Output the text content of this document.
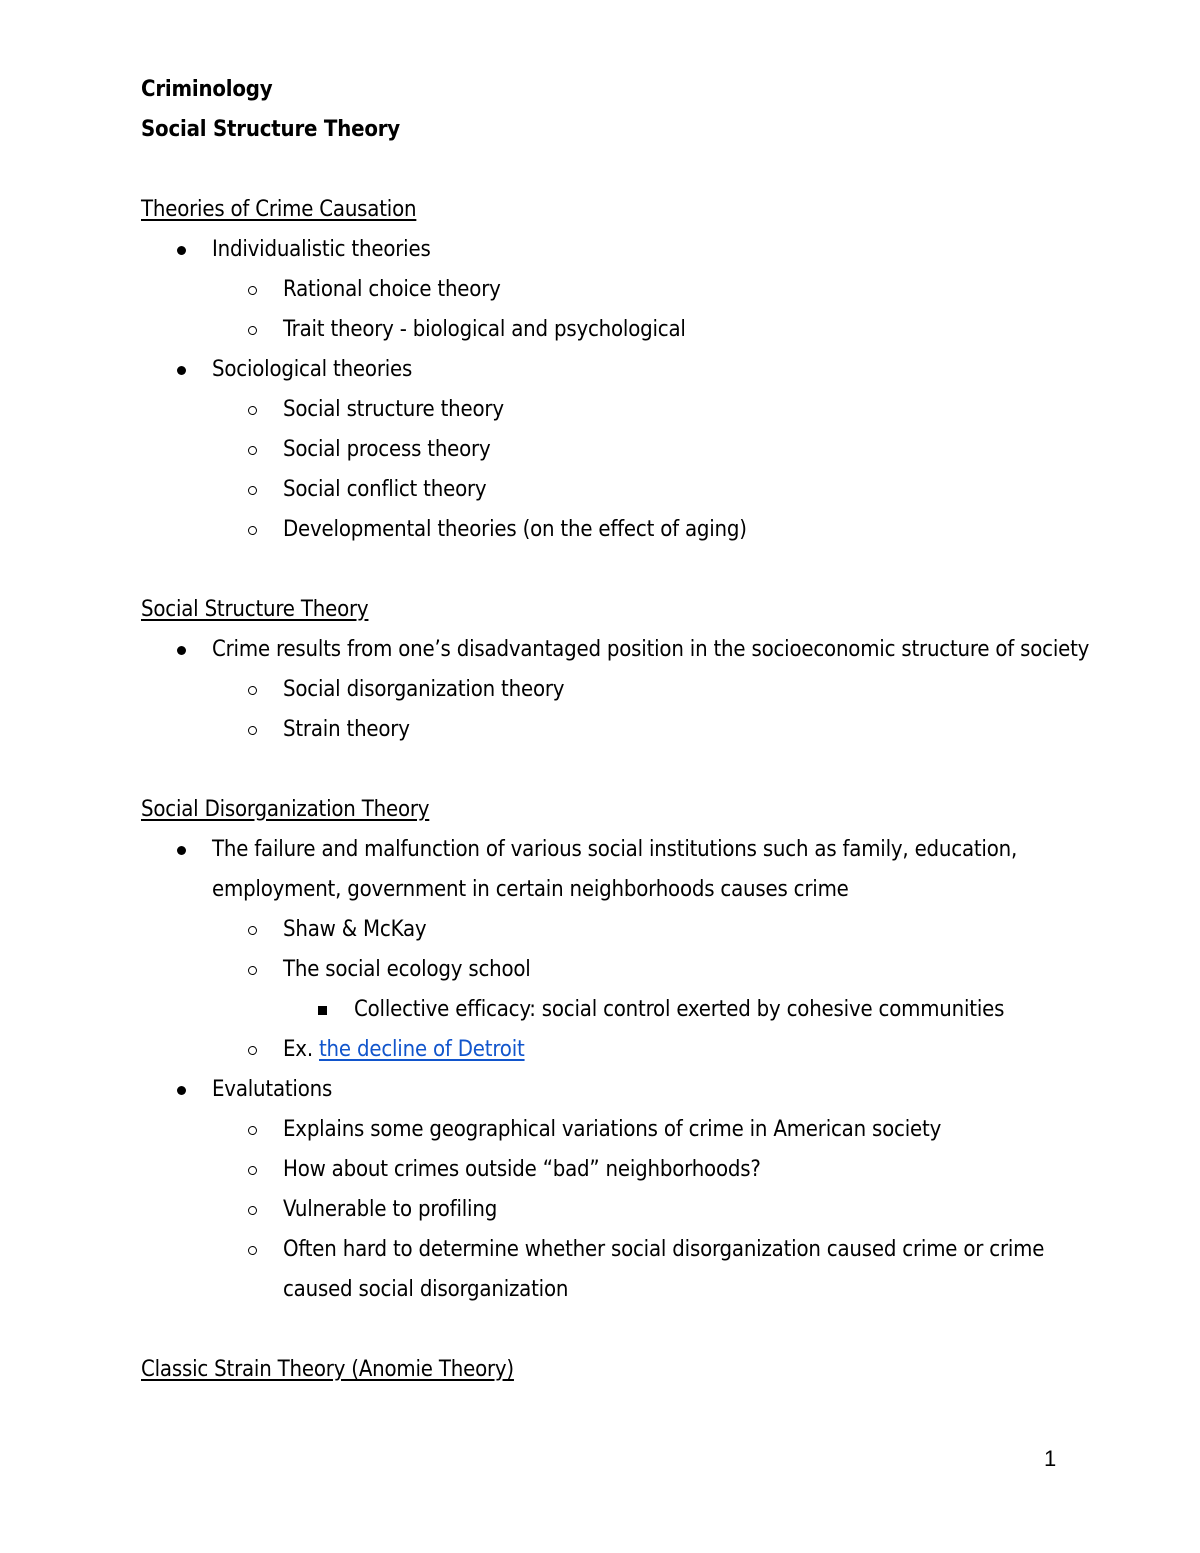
Criminology
Social Structure Theory
Theories of Crime Causation
Individualistic theories
Rational choice theory
Trait theory - biological and psychological
Sociological theories
Social structure theory
Social process theory
Social conflict theory
Developmental theories (on the effect of aging)
Social Structure Theory
Crime results from one’s disadvantaged position in the socioeconomic structure of society
Social disorganization theory
Strain theory
Social Disorganization Theory
The failure and malfunction of various social institutions such as family, education, employment, government in certain neighborhoods causes crime
Shaw & McKay
The social ecology school
Collective efficacy: social control exerted by cohesive communities
Ex. the decline of Detroit
Evalutations
Explains some geographical variations of crime in American society
How about crimes outside “bad” neighborhoods?
Vulnerable to profiling
Often hard to determine whether social disorganization caused crime or crime caused social disorganization
Classic Strain Theory (Anomie Theory)
1
